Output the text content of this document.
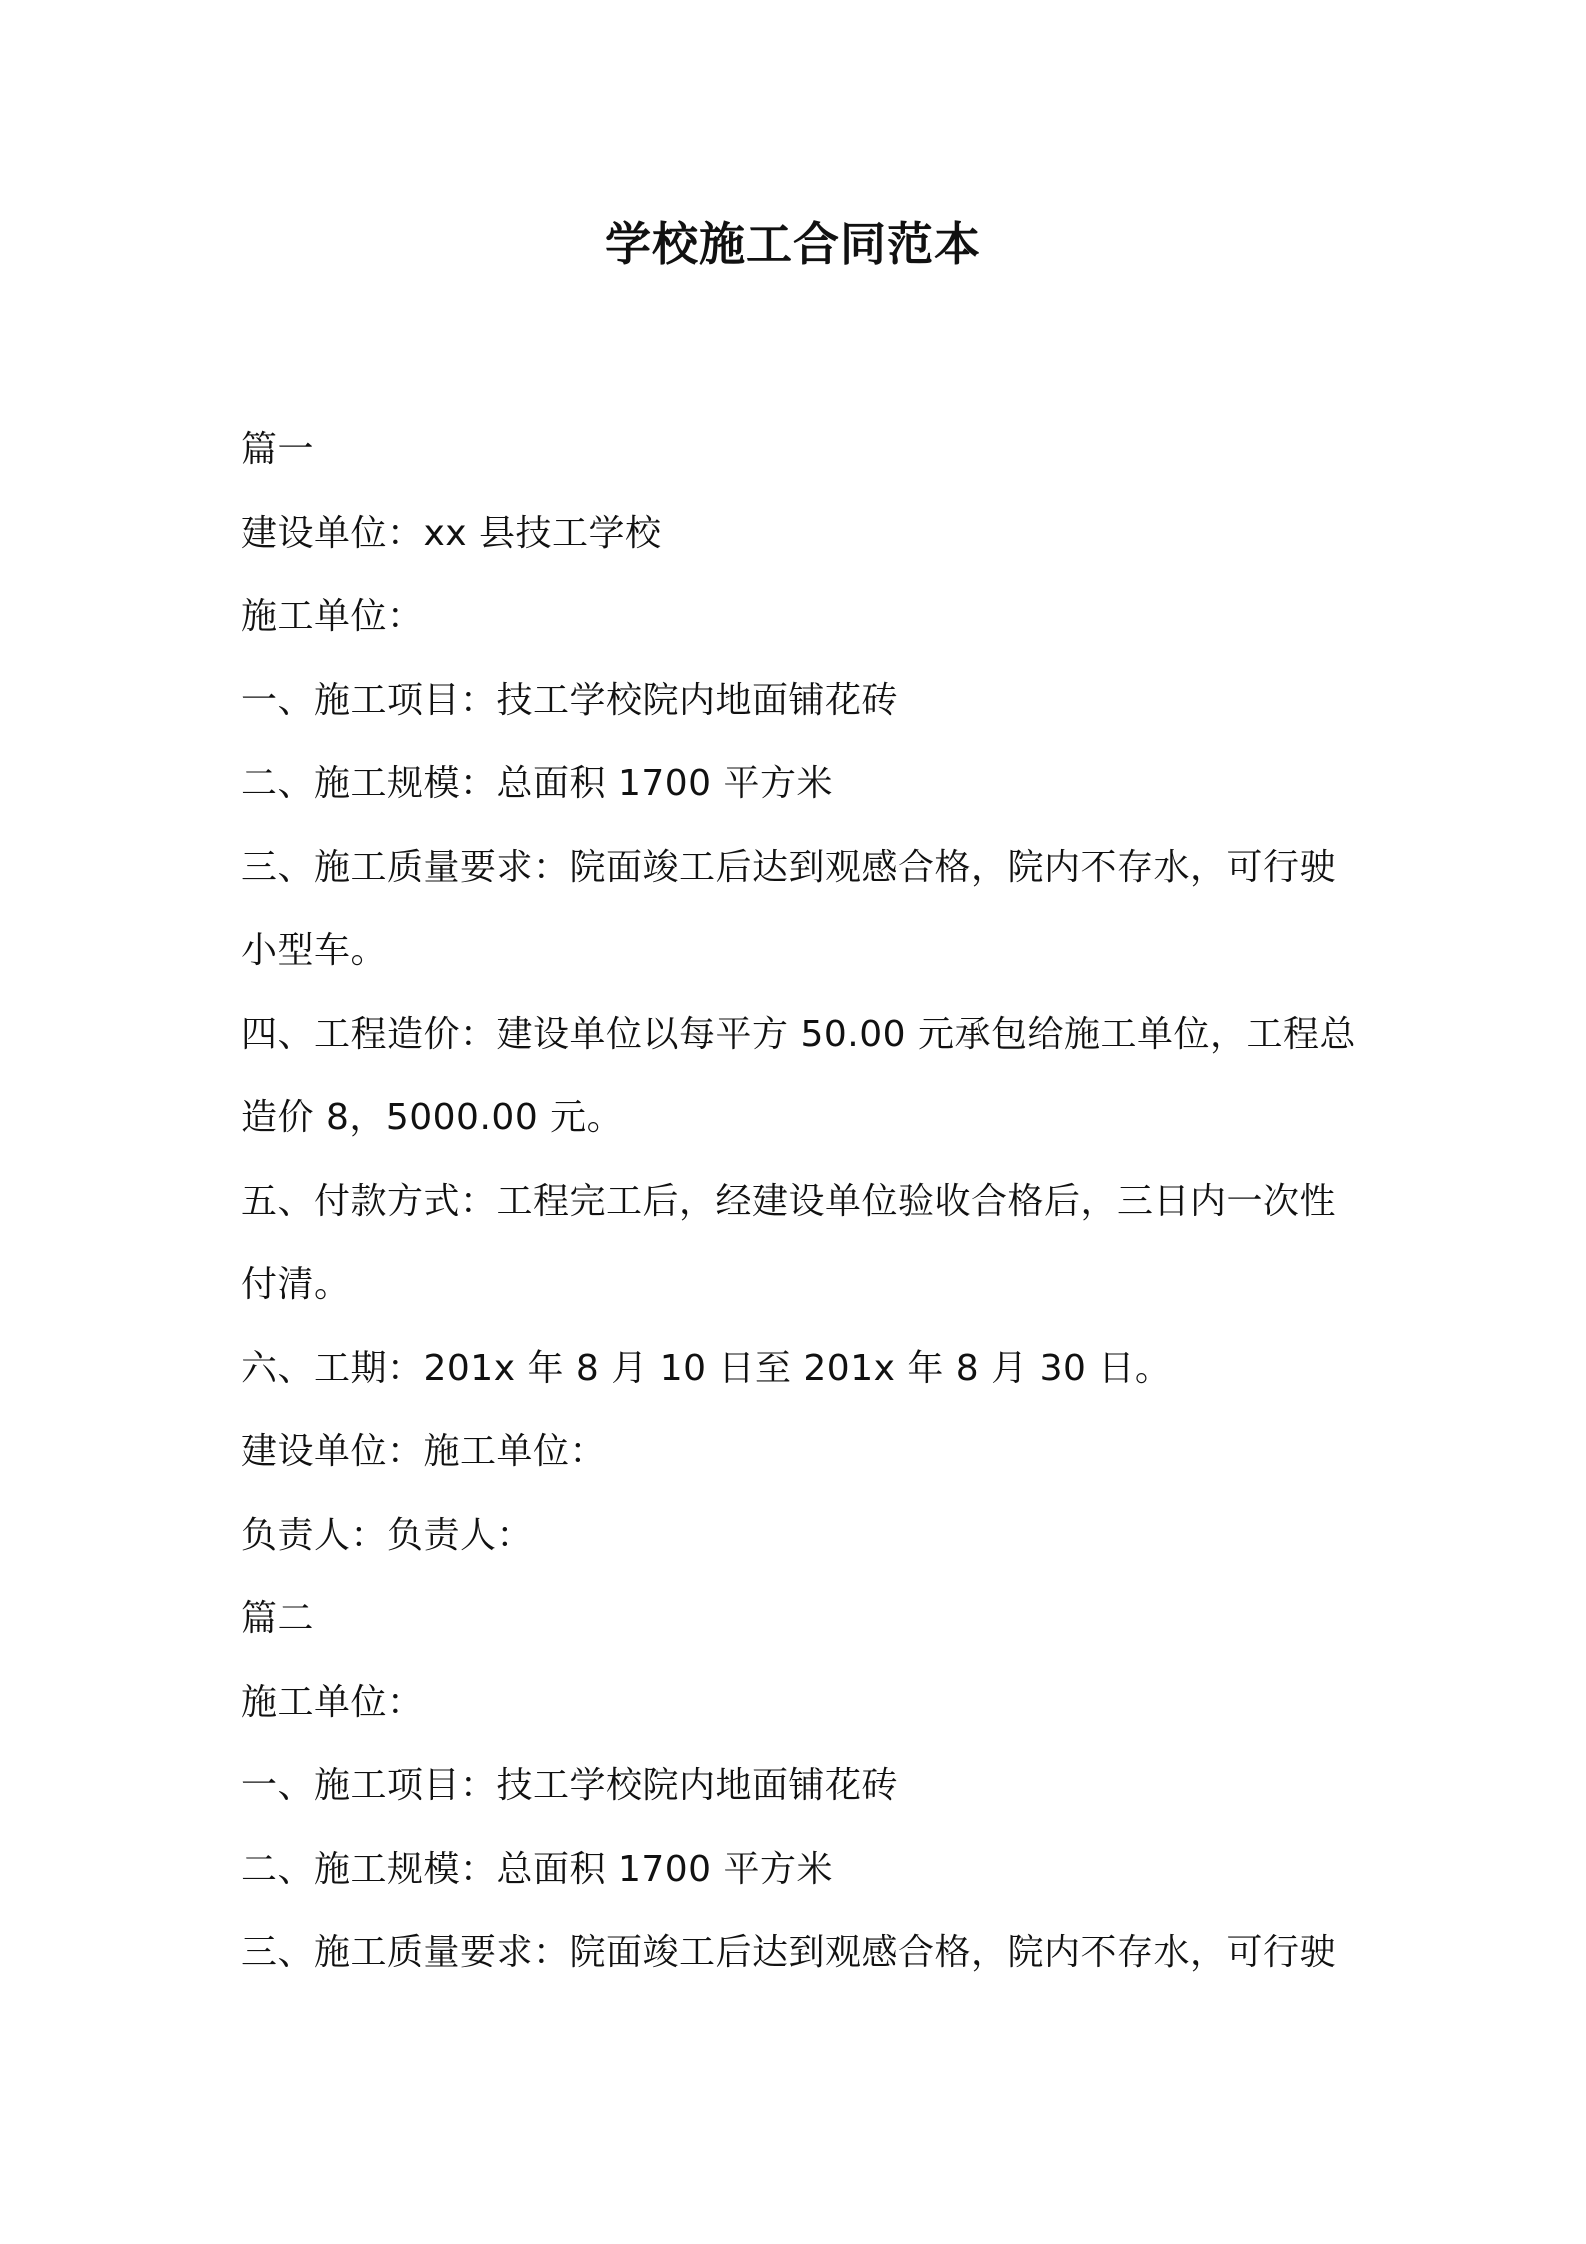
学校施工合同范本
篇一
建设单位：xx 县技工学校
施工单位：
一、施工项目：技工学校院内地面铺花砖
二、施工规模：总面积 1700 平方米
三、施工质量要求：院面竣工后达到观感合格，院内不存水，可行驶
小型车。
四、工程造价：建设单位以每平方 50.00 元承包给施工单位，工程总
造价 8，5000.00 元。
五、付款方式：工程完工后，经建设单位验收合格后，三日内一次性
付清。
六、工期：201x 年 8 月 10 日至 201x 年 8 月 30 日。
建设单位：施工单位：
负责人：负责人：
篇二
施工单位：
一、施工项目：技工学校院内地面铺花砖
二、施工规模：总面积 1700 平方米
三、施工质量要求：院面竣工后达到观感合格，院内不存水，可行驶
